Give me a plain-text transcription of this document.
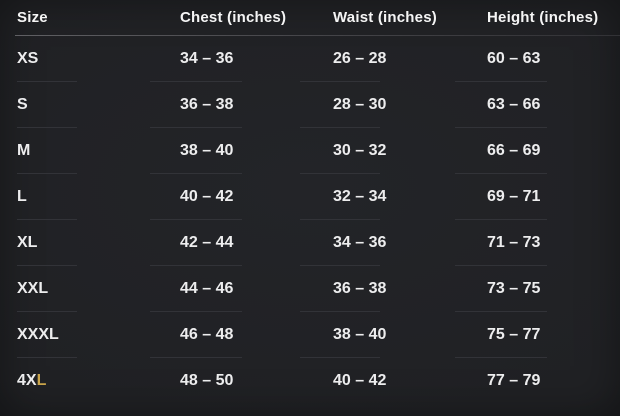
Size	Chest (inches)	Waist (inches)	Height (inches)
XS	34 – 36	26 – 28	60 – 63
S	36 – 38	28 – 30	63 – 66
M	38 – 40	30 – 32	66 – 69
L	40 – 42	32 – 34	69 – 71
XL	42 – 44	34 – 36	71 – 73
XXL	44 – 46	36 – 38	73 – 75
XXXL	46 – 48	38 – 40	75 – 77
4X L	48 – 50	40 – 42	77 – 79
